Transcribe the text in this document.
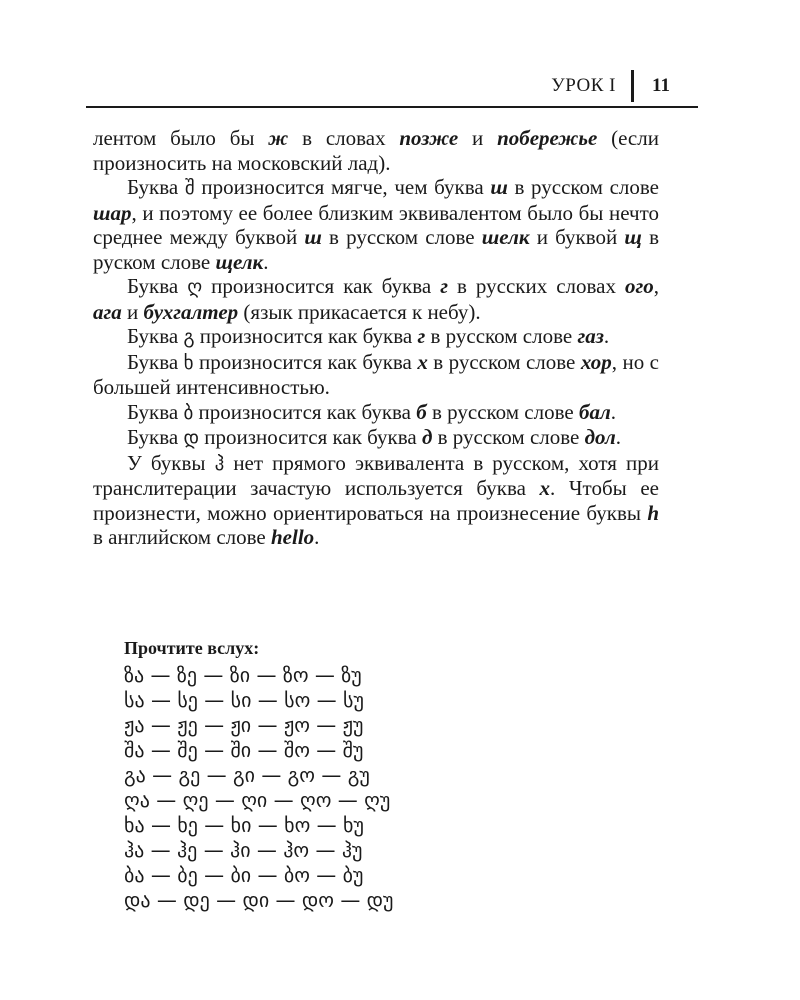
УРОК I 11

лентом было бы ж в словах позже и побережье (если произносить на московский лад).

Буква შ произносится мягче, чем буква ш в русском слове шар, и поэтому ее более близким эквивалентом было бы нечто среднее между буквой ш в русском слове шелк и буквой щ в руском слове щелк.

Буква ღ произносится как буква г в русских словах ого, ага и бухгалтер (язык прикасается к небу).

Буква გ произносится как буква г в русском слове газ.

Буква ხ произносится как буква х в русском слове хор, но с большей интенсивностью.

Буква ბ произносится как буква б в русском слове бал.

Буква დ произносится как буква д в русском слове дол.

У буквы ჰ нет прямого эквивалента в русском, хотя при транслитерации зачастую используется буква х. Чтобы ее произнести, можно ориентироваться на произнесение буквы h в английском слове hello.

Прочтите вслух:

ზა — ზე — ზი — ზო — ზუ

სა — სე — სი — სო — სუ

ჟა — ჟე — ჟი — ჟო — ჟუ

შა — შე — ში — შო — შუ

გა — გე — გი — გო — გუ

ღა — ღე — ღი — ღო — ღუ

ხა — ხე — ხი — ხო — ხუ

ჰა — ჰე — ჰი — ჰო — ჰუ

ბა — ბე — ბი — ბო — ბუ

და — დე — დი — დო — დუ
